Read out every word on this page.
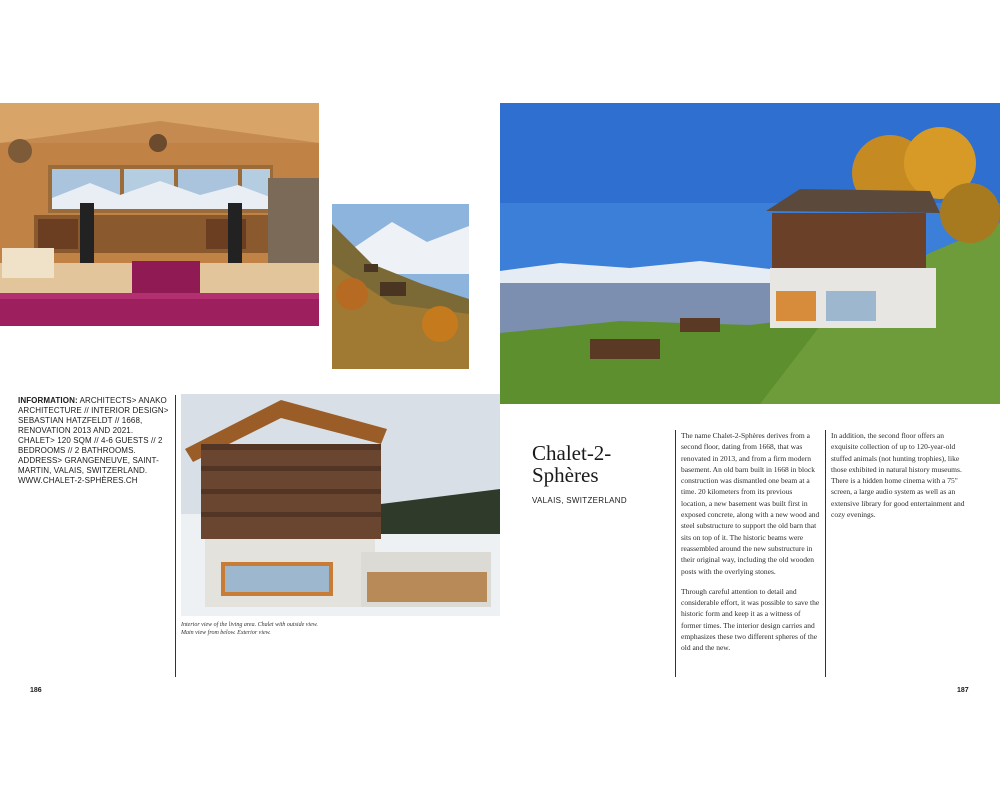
INFORMATION: ARCHITECTS> ANAKO ARCHITECTURE // INTERIOR DESIGN> SEBASTIAN HATZFELDT // 1668, RENOVATION 2013 AND 2021. CHALET> 120 SQM // 4-6 GUESTS // 2 BEDROOMS // 2 BATHROOMS. ADDRESS> GRANGENEUVE, SAINT-MARTIN, VALAIS, SWITZERLAND. WWW.CHALET-2-SPHÈRES.CH
Interior view of the living area. Chalet with outside view. Main view from below. Exterior view.
Chalet-2-Sphères
VALAIS, SWITZERLAND

The name Chalet-2-Sphères derives from a second floor, dating from 1668, that was renovated in 2013, and from a firm modern basement. An old barn built in 1668 in block construction was dismantled one beam at a time. 20 kilometers from its previous location, a new basement was built first in exposed concrete, along with a new wood and steel substructure to support the old barn that sits on top of it. The historic beams were reassembled around the new substructure in their original way, including the old wooden posts with the overlying stones.

Through careful attention to detail and considerable effort, it was possible to save the historic form and keep it as a witness of former times. The interior design carries and emphasizes these two different spheres of the old and the new.

In addition, the second floor offers an exquisite collection of up to 120-year-old stuffed animals (not hunting trophies), like those exhibited in natural history museums. There is a hidden home cinema with a 75" screen, a large audio system as well as an extensive library for good entertainment and cozy evenings.

186	187
